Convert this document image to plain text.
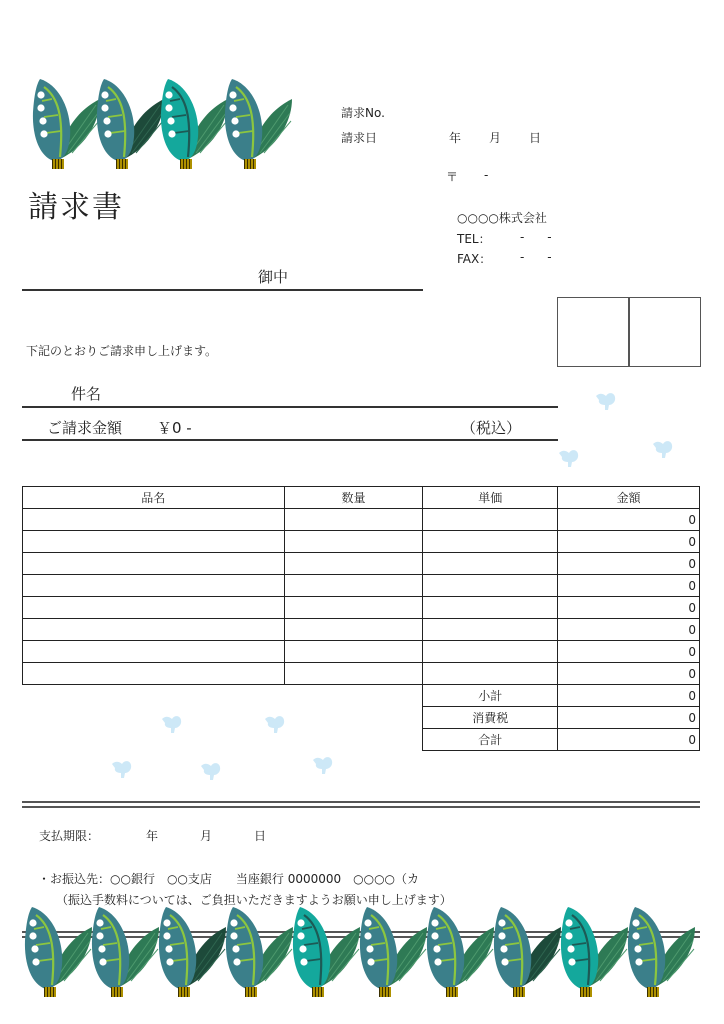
請求書
請求No.
請求日	年 月 日
〒 -
○○○○株式会社
TEL： -      -
FAX： -      -
御中
下記のとおりご請求申し上げます。
件名
ご請求金額 ￥0 -	（税込）
品名	数量	単価	金額
			0
			0
			0
			0
			0
			0
			0
			0
		小計	0
		消費税	0
		合計	0
支払期限：	年	月	日
・お振込先：○○銀行　○○支店　　当座銀行 0000000　○○○○（カ
（振込手数料については、ご負担いただきますようお願い申し上げます）
